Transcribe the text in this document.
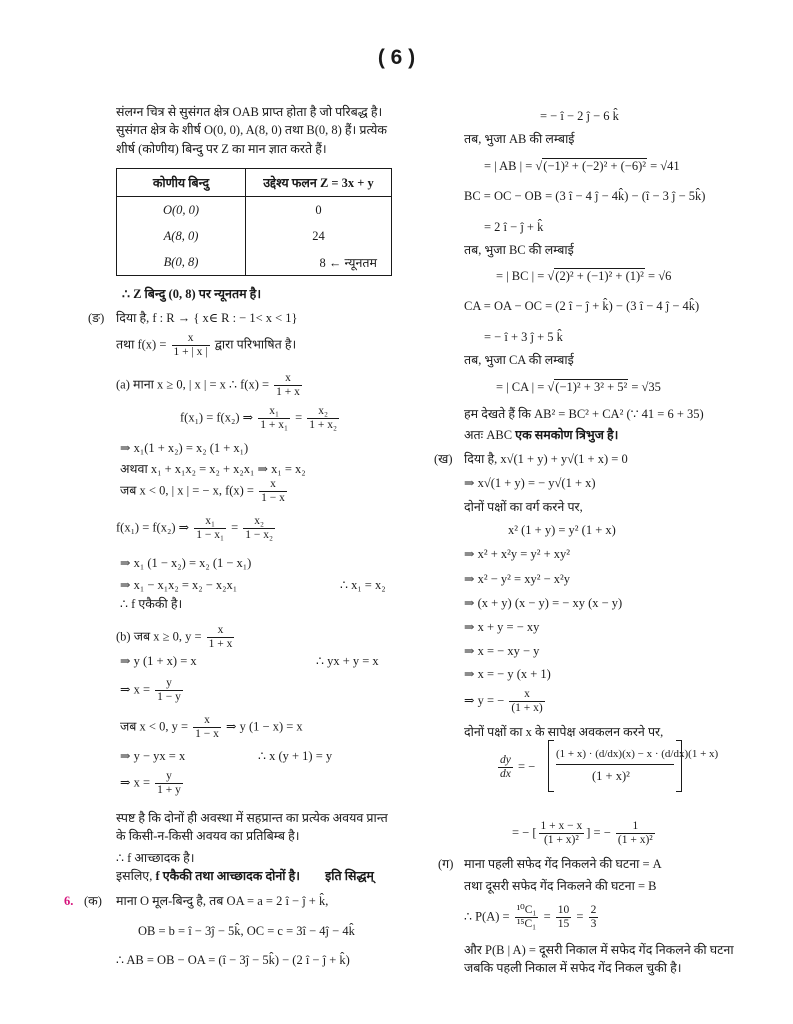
( 6 )
संलग्न चित्र से सुसंगत क्षेत्र OAB प्राप्त होता है जो परिबद्ध है।
सुसंगत क्षेत्र के शीर्ष O(0, 0), A(8, 0) तथा B(0, 8) हैं। प्रत्येक
शीर्ष (कोणीय) बिन्दु पर Z का मान ज्ञात करते हैं।
कोणीय बिन्दु	उद्देश्य फलन Z = 3x + y
O(0, 0)	0
A(8, 0)	24
B(0, 8)	8 ← न्यूनतम
∴ Z बिन्दु (0, 8) पर न्यूनतम है।
(ङ) दिया है, f : R → { x∈ R : − 1< x < 1}
तथा $f(x) = \frac{x}{1 + | x |}$ द्वारा परिभाषित है।
(a) माना x ≥ 0, | x | = x ∴ $f(x) = \frac{x}{1 + x}$
f(x₁) = f(x₂) ⇒ $\frac{\text{x₁}}{\text{1 + x₁}} = \frac{\text{x₂}}{\text{1 + x₂}}$
⇒ x₁(1 + x₂) = x₂ (1 + x₁)
अथवा x₁ + x₁x₂ = x₂ + x₂x₁ ⇒ x₁ = x₂
जब x < 0, | x | = − x, $f(x) = \frac{x}{1 - x}$
f(x₁) = f(x₂) ⇒ $\frac{\text{x₁}}{\text{1 − x₁}} = \frac{\text{x₂}}{\text{1 − x₂}}$
⇒ x₁ (1 − x₂) = x₂ (1 − x₁)
⇒ x₁ − x₁x₂ = x₂ − x₂x₁	∴ x₁ = x₂
∴ f एकैकी है।
(b) जब x ≥ 0, $y = \frac{x}{1 + x}$
⇒ y (1 + x) = x	∴ yx + y = x
⇒ $x = \frac{y}{1 - y}$
जब x < 0, $y = \frac{x}{1 - x}$ ⇒ y (1 − x) = x
⇒ y − yx = x	∴ x (y + 1) = y
⇒ $x = \frac{y}{1 + y}$
स्पष्ट है कि दोनों ही अवस्था में सहप्रान्त का प्रत्येक अवयव प्रान्त
के किसी-न-किसी अवयव का प्रतिबिम्ब है।
∴ f आच्छादक है।
इसलिए, f एकैकी तथा आच्छादक दोनों है। इति सिद्धम्
6. (क) माना O मूल-बिन्दु है, तब OA = a = 2 î − ĵ + k̂,
OB = b = î − 3ĵ − 5k̂, OC = c = 3î − 4ĵ − 4k̂
∴ AB = OB − OA = (î − 3ĵ − 5k̂) − (2 î − ĵ + k̂)
= − î − 2 ĵ − 6 k̂
तब, भुजा AB की लम्बाई
= | AB | = √(−1)² + (−2)² + (−6)² = √41
BC = OC − OB = (3 î − 4 ĵ − 4k̂) − (î − 3 ĵ − 5k̂)
= 2 î − ĵ + k̂
तब, भुजा BC की लम्बाई
= | BC | = √(2)² + (−1)² + (1)² = √6
CA = OA − OC = (2 î − ĵ + k̂) − (3 î − 4 ĵ − 4k̂)
= − î + 3 ĵ + 5 k̂
तब, भुजा CA की लम्बाई
= | CA | = √(−1)² + 3² + 5² = √35
हम देखते हैं कि AB² = BC² + CA² (∵ 41 = 6 + 35)
अतः ABC एक समकोण त्रिभुज है।
(ख) दिया है, x√(1 + y) + y√(1 + x) = 0
⇒ x√(1 + y) = − y√(1 + x)
दोनों पक्षों का वर्ग करने पर,
x² (1 + y) = y² (1 + x)
⇒ x² + x²y = y² + xy²
⇒ x² − y² = xy² − x²y
⇒ (x + y) (x − y) = − xy (x − y)
⇒ x + y = − xy
⇒ x = − xy − y
⇒ x = − y (x + 1)
⇒ y = − $\frac{x}{(1 + x)}$
दोनों पक्षों का x के सापेक्ष अवकलन करने पर,
$\frac{dy}{dx}$ = −
(1 + x) · (d/dx)(x) − x · (d/dx)(1 + x)
(1 + x)²
= − [ $\frac{1 + x - x}{\text{(1 + x)²}}$ ] = − $\frac{1}{\text{(1 + x)²}}$
(ग) माना पहली सफेद गेंद निकलने की घटना = A
तथा दूसरी सफेद गेंद निकलने की घटना = B
∴ $P(A) = \frac{\text{¹⁰C₁}}{\text{¹⁵C₁}} = \frac{10}{15} = \frac{2}{3}$
और P(B | A) = दूसरी निकाल में सफेद गेंद निकलने की घटना
जबकि पहली निकाल में सफेद गेंद निकल चुकी है।
